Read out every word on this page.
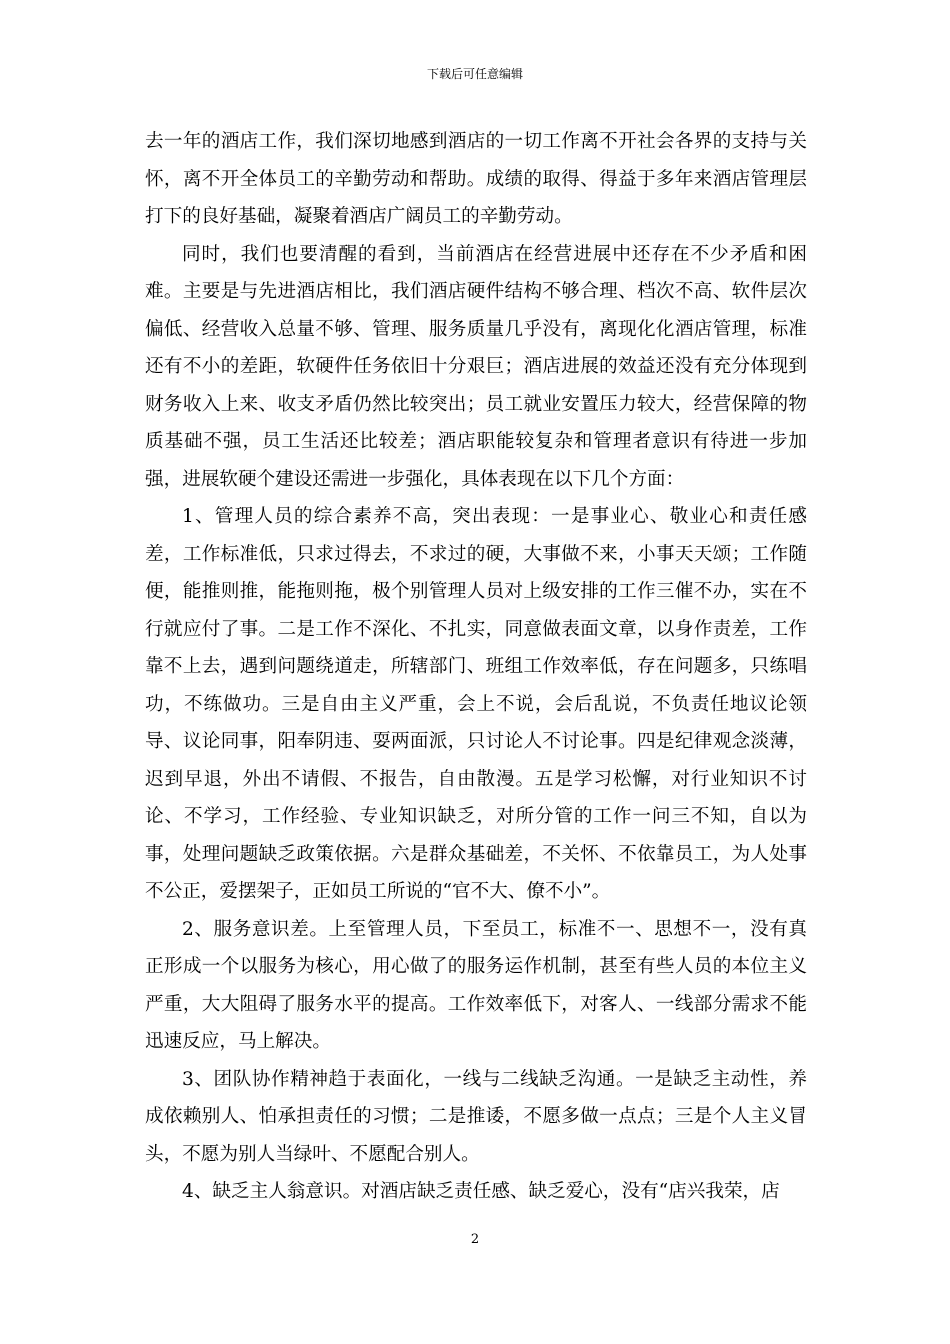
下载后可任意编辑

去一年的酒店工作，我们深切地感到酒店的一切工作离不开社会各界的支持与关怀，离不开全体员工的辛勤劳动和帮助。成绩的取得、得益于多年来酒店管理层打下的良好基础，凝聚着酒店广阔员工的辛勤劳动。

同时，我们也要清醒的看到，当前酒店在经营进展中还存在不少矛盾和困难。主要是与先进酒店相比，我们酒店硬件结构不够合理、档次不高、软件层次偏低、经营收入总量不够、管理、服务质量几乎没有，离现化化酒店管理，标准还有不小的差距，软硬件任务依旧十分艰巨；酒店进展的效益还没有充分体现到财务收入上来、收支矛盾仍然比较突出；员工就业安置压力较大，经营保障的物质基础不强，员工生活还比较差；酒店职能较复杂和管理者意识有待进一步加强，进展软硬个建设还需进一步强化，具体表现在以下几个方面：

1、管理人员的综合素养不高，突出表现：一是事业心、敬业心和责任感差，工作标准低，只求过得去，不求过的硬，大事做不来，小事天天颂；工作随便，能推则推，能拖则拖，极个别管理人员对上级安排的工作三催不办，实在不行就应付了事。二是工作不深化、不扎实，同意做表面文章，以身作责差，工作靠不上去，遇到问题绕道走，所辖部门、班组工作效率低，存在问题多，只练唱功，不练做功。三是自由主义严重，会上不说，会后乱说，不负责任地议论领导、议论同事，阳奉阴违、耍两面派，只讨论人不讨论事。四是纪律观念淡薄，迟到早退，外出不请假、不报告，自由散漫。五是学习松懈，对行业知识不讨论、不学习，工作经验、专业知识缺乏，对所分管的工作一问三不知，自以为事，处理问题缺乏政策依据。六是群众基础差，不关怀、不依靠员工，为人处事不公正，爱摆架子，正如员工所说的“官不大、僚不小”。

2、服务意识差。上至管理人员，下至员工，标准不一、思想不一，没有真正形成一个以服务为核心，用心做了的服务运作机制，甚至有些人员的本位主义严重，大大阻碍了服务水平的提高。工作效率低下，对客人、一线部分需求不能迅速反应，马上解决。

3、团队协作精神趋于表面化，一线与二线缺乏沟通。一是缺乏主动性，养成依赖别人、怕承担责任的习惯；二是推诿，不愿多做一点点；三是个人主义冒头，不愿为别人当绿叶、不愿配合别人。

4、缺乏主人翁意识。对酒店缺乏责任感、缺乏爱心，没有“店兴我荣，店

2
